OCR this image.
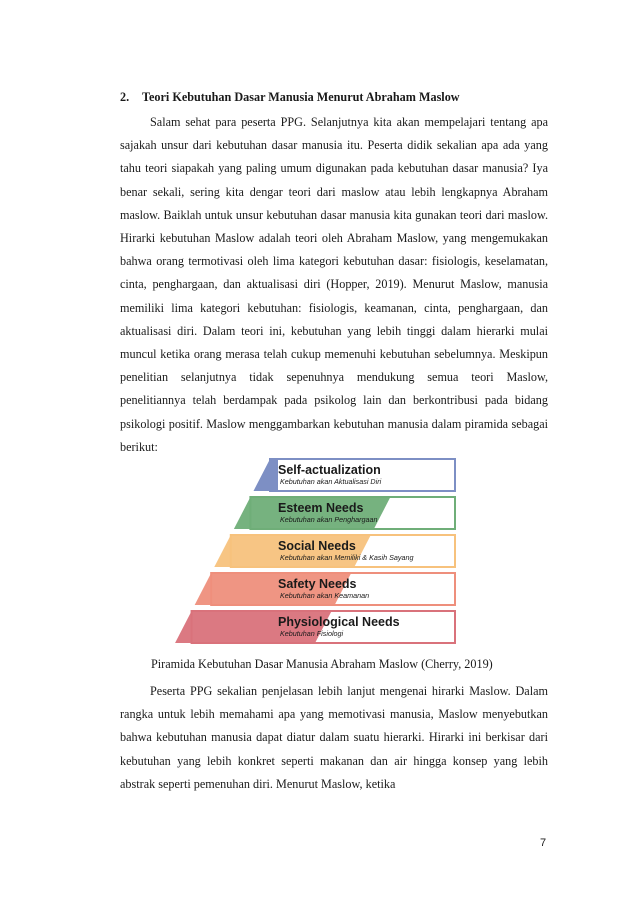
2. Teori Kebutuhan Dasar Manusia Menurut Abraham Maslow

Salam sehat para peserta PPG. Selanjutnya kita akan mempelajari tentang apa sajakah unsur dari kebutuhan dasar manusia itu. Peserta didik sekalian apa ada yang tahu teori siapakah yang paling umum digunakan pada kebutuhan dasar manusia? Iya benar sekali, sering kita dengar teori dari maslow atau lebih lengkapnya Abraham maslow. Baiklah untuk unsur kebutuhan dasar manusia kita gunakan teori dari maslow. Hirarki kebutuhan Maslow adalah teori oleh Abraham Maslow, yang mengemukakan bahwa orang termotivasi oleh lima kategori kebutuhan dasar: fisiologis, keselamatan, cinta, penghargaan, dan aktualisasi diri (Hopper, 2019). Menurut Maslow, manusia memiliki lima kategori kebutuhan: fisiologis, keamanan, cinta, penghargaan, dan aktualisasi diri. Dalam teori ini, kebutuhan yang lebih tinggi dalam hierarki mulai muncul ketika orang merasa telah cukup memenuhi kebutuhan sebelumnya. Meskipun penelitian selanjutnya tidak sepenuhnya mendukung semua teori Maslow, penelitiannya telah berdampak pada psikolog lain dan berkontribusi pada bidang psikologi positif. Maslow menggambarkan kebutuhan manusia dalam piramida sebagai berikut:

Self-actualization
Kebutuhan akan Aktualisasi Diri
Esteem Needs
Kebutuhan akan Penghargaan
Social Needs
Kebutuhan akan Memiliki & Kasih Sayang
Safety Needs
Kebutuhan akan Keamanan
Physiological Needs
Kebutuhan Fisiologi
Piramida Kebutuhan Dasar Manusia Abraham Maslow (Cherry, 2019)

Peserta PPG sekalian penjelasan lebih lanjut mengenai hirarki Maslow. Dalam rangka untuk lebih memahami apa yang memotivasi manusia, Maslow menyebutkan bahwa kebutuhan manusia dapat diatur dalam suatu hierarki. Hirarki ini berkisar dari kebutuhan yang lebih konkret seperti makanan dan air hingga konsep yang lebih abstrak seperti pemenuhan diri. Menurut Maslow, ketika

7
